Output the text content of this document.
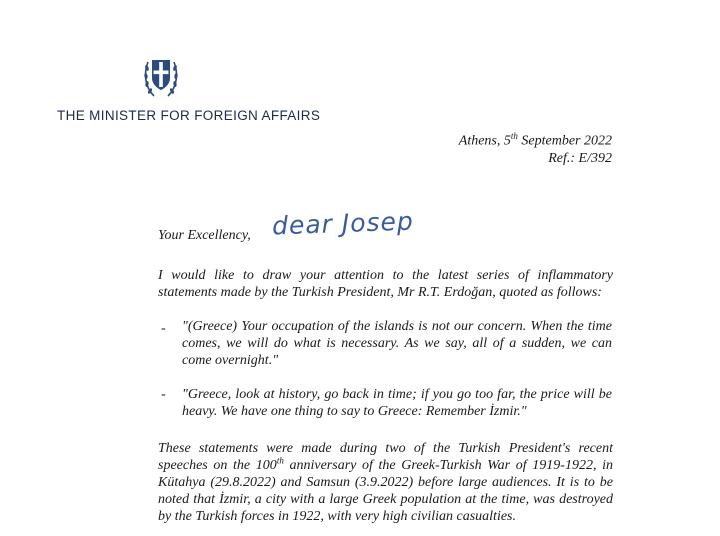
THE MINISTER FOR FOREIGN AFFAIRS
Athens, 5th September 2022
Ref.: E/392
Your Excellency, dear Josep

I would like to draw your attention to the latest series of inflammatory statements made by the Turkish President, Mr R.T. Erdoğan, quoted as follows:

- "(Greece) Your occupation of the islands is not our concern. When the time comes, we will do what is necessary. As we say, all of a sudden, we can come overnight."
- "Greece, look at history, go back in time; if you go too far, the price will be heavy. We have one thing to say to Greece: Remember İzmir."

These statements were made during two of the Turkish President's recent speeches on the 100th anniversary of the Greek-Turkish War of 1919-1922, in Kütahya (29.8.2022) and Samsun (3.9.2022) before large audiences. It is to be noted that İzmir, a city with a large Greek population at the time, was destroyed by the Turkish forces in 1922, with very high civilian casualties.
